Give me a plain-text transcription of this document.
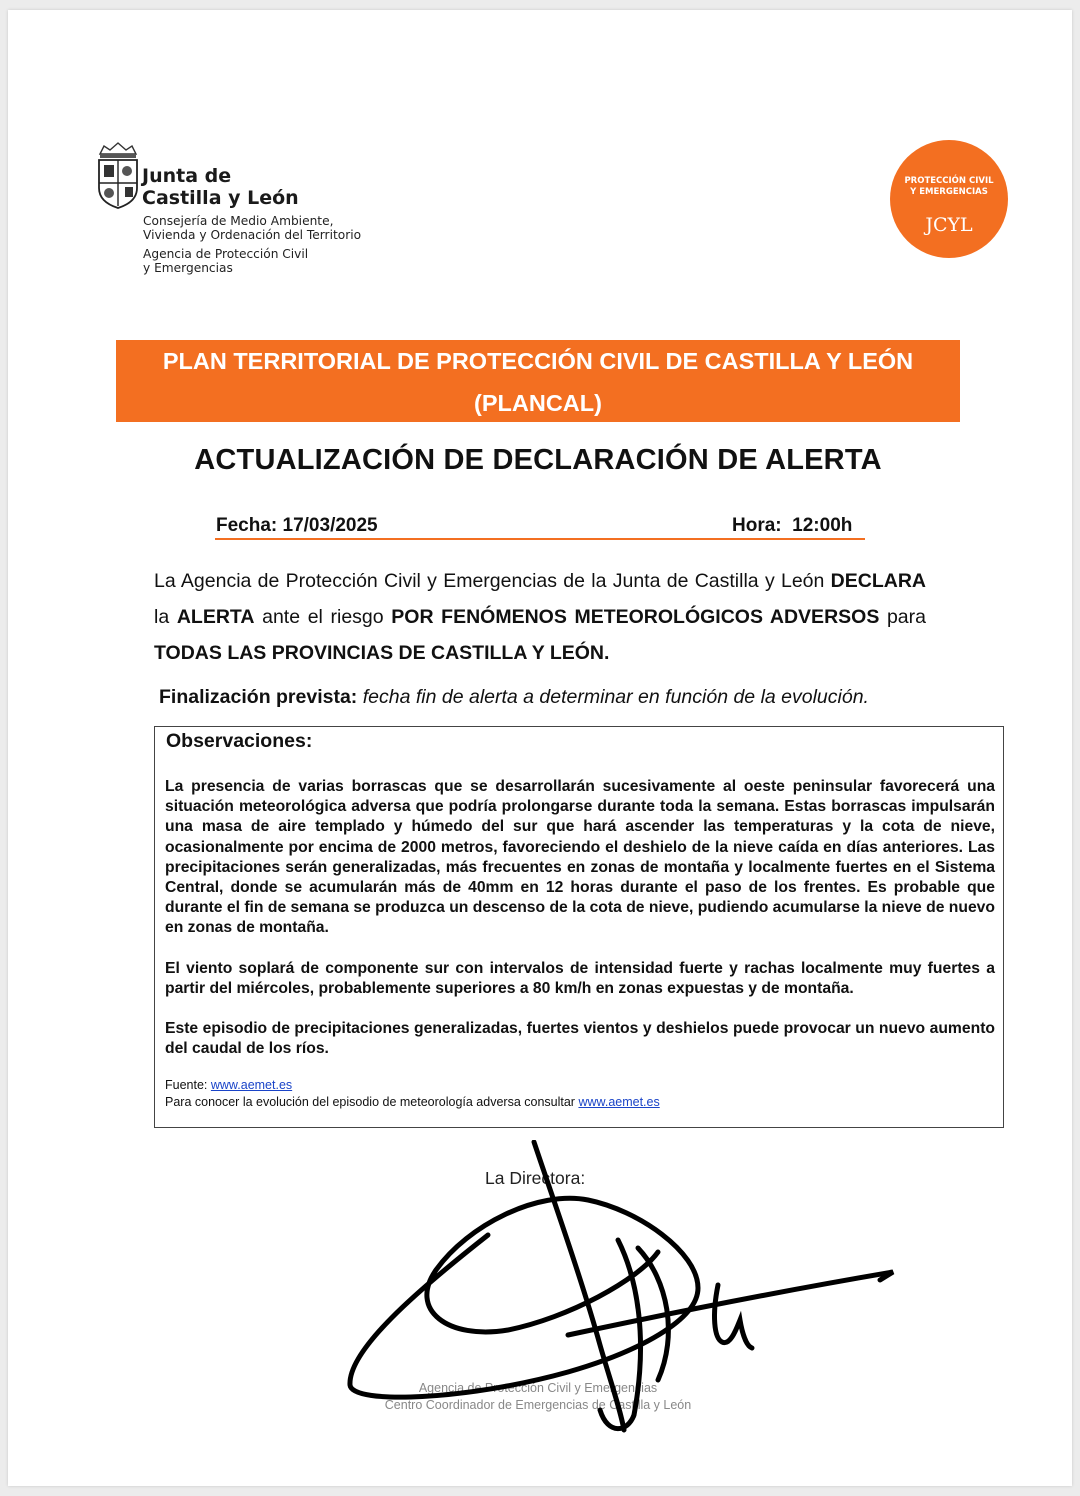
Junta de
Castilla y León
Consejería de Medio Ambiente,
Vivienda y Ordenación del Territorio
Agencia de Protección Civil
y Emergencias
PROTECCIÓN CIVIL
Y EMERGENCIAS
JCYL
PLAN TERRITORIAL DE PROTECCIÓN CIVIL DE CASTILLA Y LEÓN
(PLANCAL)
ACTUALIZACIÓN DE DECLARACIÓN DE ALERTA
Fecha: 17/03/2025	Hora:  12:00h
La Agencia de Protección Civil y Emergencias de la Junta de Castilla y León DECLARA la ALERTA ante el riesgo POR FENÓMENOS METEOROLÓGICOS ADVERSOS para TODAS LAS PROVINCIAS DE CASTILLA Y LEÓN.
Finalización prevista: fecha fin de alerta a determinar en función de la evolución.
Observaciones:

La presencia de varias borrascas que se desarrollarán sucesivamente al oeste peninsular favorecerá una situación meteorológica adversa que podría prolongarse durante toda la semana. Estas borrascas impulsarán una masa de aire templado y húmedo del sur que hará ascender las temperaturas y la cota de nieve, ocasionalmente por encima de 2000 metros, favoreciendo el deshielo de la nieve caída en días anteriores. Las precipitaciones serán generalizadas, más frecuentes en zonas de montaña y localmente fuertes en el Sistema Central, donde se acumularán más de 40mm en 12 horas durante el paso de los frentes. Es probable que durante el fin de semana se produzca un descenso de la cota de nieve, pudiendo acumularse la nieve de nuevo en zonas de montaña.

El viento soplará de componente sur con intervalos de intensidad fuerte y rachas localmente muy fuertes a partir del miércoles, probablemente superiores a 80 km/h en zonas expuestas y de montaña.

Este episodio de precipitaciones generalizadas, fuertes vientos y deshielos puede provocar un nuevo aumento del caudal de los ríos.

Fuente: www.aemet.es
Para conocer la evolución del episodio de meteorología adversa consultar www.aemet.es
La Directora:
Agencia de Protección Civil y Emergencias
Centro Coordinador de Emergencias de Castilla y León
